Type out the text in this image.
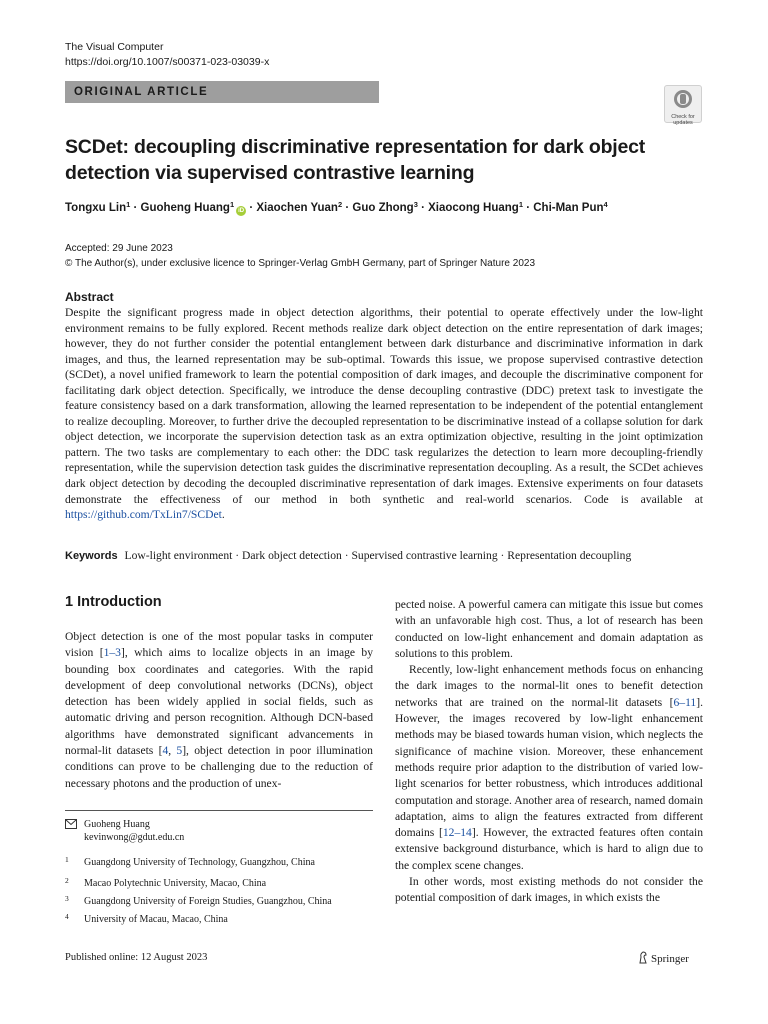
The Visual Computer
https://doi.org/10.1007/s00371-023-03039-x
ORIGINAL ARTICLE
Check for
updates
SCDet: decoupling discriminative representation for dark object
detection via supervised contrastive learning
Tongxu Lin$^1$ · Guoheng Huang$^1$iD · Xiaochen Yuan$^2$ · Guo Zhong$^3$ · Xiaocong Huang$^1$ · Chi-Man Pun$^4$
Accepted: 29 June 2023
© The Author(s), under exclusive licence to Springer-Verlag GmbH Germany, part of Springer Nature 2023
Abstract
Despite the significant progress made in object detection algorithms, their potential to operate effectively under the low-light environment remains to be fully explored. Recent methods realize dark object detection on the entire representation of dark images; however, they do not further consider the potential entanglement between dark disturbance and discriminative information in dark images, and thus, the learned representation may be sub-optimal. Towards this issue, we propose supervised contrastive detection (SCDet), a novel unified framework to learn the potential composition of dark images, and decouple the discriminative component for facilitating dark object detection. Specifically, we introduce the dense decoupling contrastive (DDC) pretext task to investigate the feature consistency based on a dark transformation, allowing the learned representation to be independent of the potential entanglement to realize decoupling. Moreover, to further drive the decoupled representation to be discriminative instead of a collapse solution for dark object detection, we incorporate the supervision detection task as an extra optimization objective, resulting in the joint optimization pattern. The two tasks are complementary to each other: the DDC task regularizes the detection to learn more decoupling-friendly representation, while the supervision detection task guides the discriminative representation decoupling. As a result, the SCDet achieves dark object detection by decoding the decoupled discriminative representation of dark images. Extensive experiments on four datasets demonstrate the effectiveness of our method in both synthetic and real-world scenarios. Code is available at https://github.com/TxLin7/SCDet.
Keywords Low-light environment · Dark object detection · Supervised contrastive learning · Representation decoupling
1 Introduction

Object detection is one of the most popular tasks in computer vision [1–3], which aims to localize objects in an image by bounding box coordinates and categories. With the rapid development of deep convolutional networks (DCNs), object detection has been widely applied in social fields, such as automatic driving and person recognition. Although DCN-based algorithms have demonstrated significant advancements in normal-lit datasets [4, 5], object detection in poor illumination conditions can prove to be challenging due to the reduction of necessary photons and the production of unex-

pected noise. A powerful camera can mitigate this issue but comes with an unfavorable high cost. Thus, a lot of research has been conducted on low-light enhancement and domain adaptation as solutions to this problem.

Recently, low-light enhancement methods focus on enhancing the dark images to the normal-lit ones to benefit detection networks that are trained on the normal-lit datasets [6–11]. However, the images recovered by low-light enhancement methods may be biased towards human vision, which neglects the significance of machine vision. Moreover, these enhancement methods require prior adaption to the distribution of varied low-light scenarios for better robustness, which introduces additional computation and storage. Another area of research, named domain adaptation, aims to align the features extracted from different domains [12–14]. However, the extracted features often contain extensive background disturbance, which is hard to align due to the complex scene changes.

In other words, most existing methods do not consider the potential composition of dark images, in which exists the

Guoheng Huang
kevinwong@gdut.edu.cn
1 Guangdong University of Technology, Guangzhou, China
2 Macao Polytechnic University, Macao, China
3 Guangdong University of Foreign Studies, Guangzhou, China
4 University of Macau, Macao, China
Published online: 12 August 2023	Springer
